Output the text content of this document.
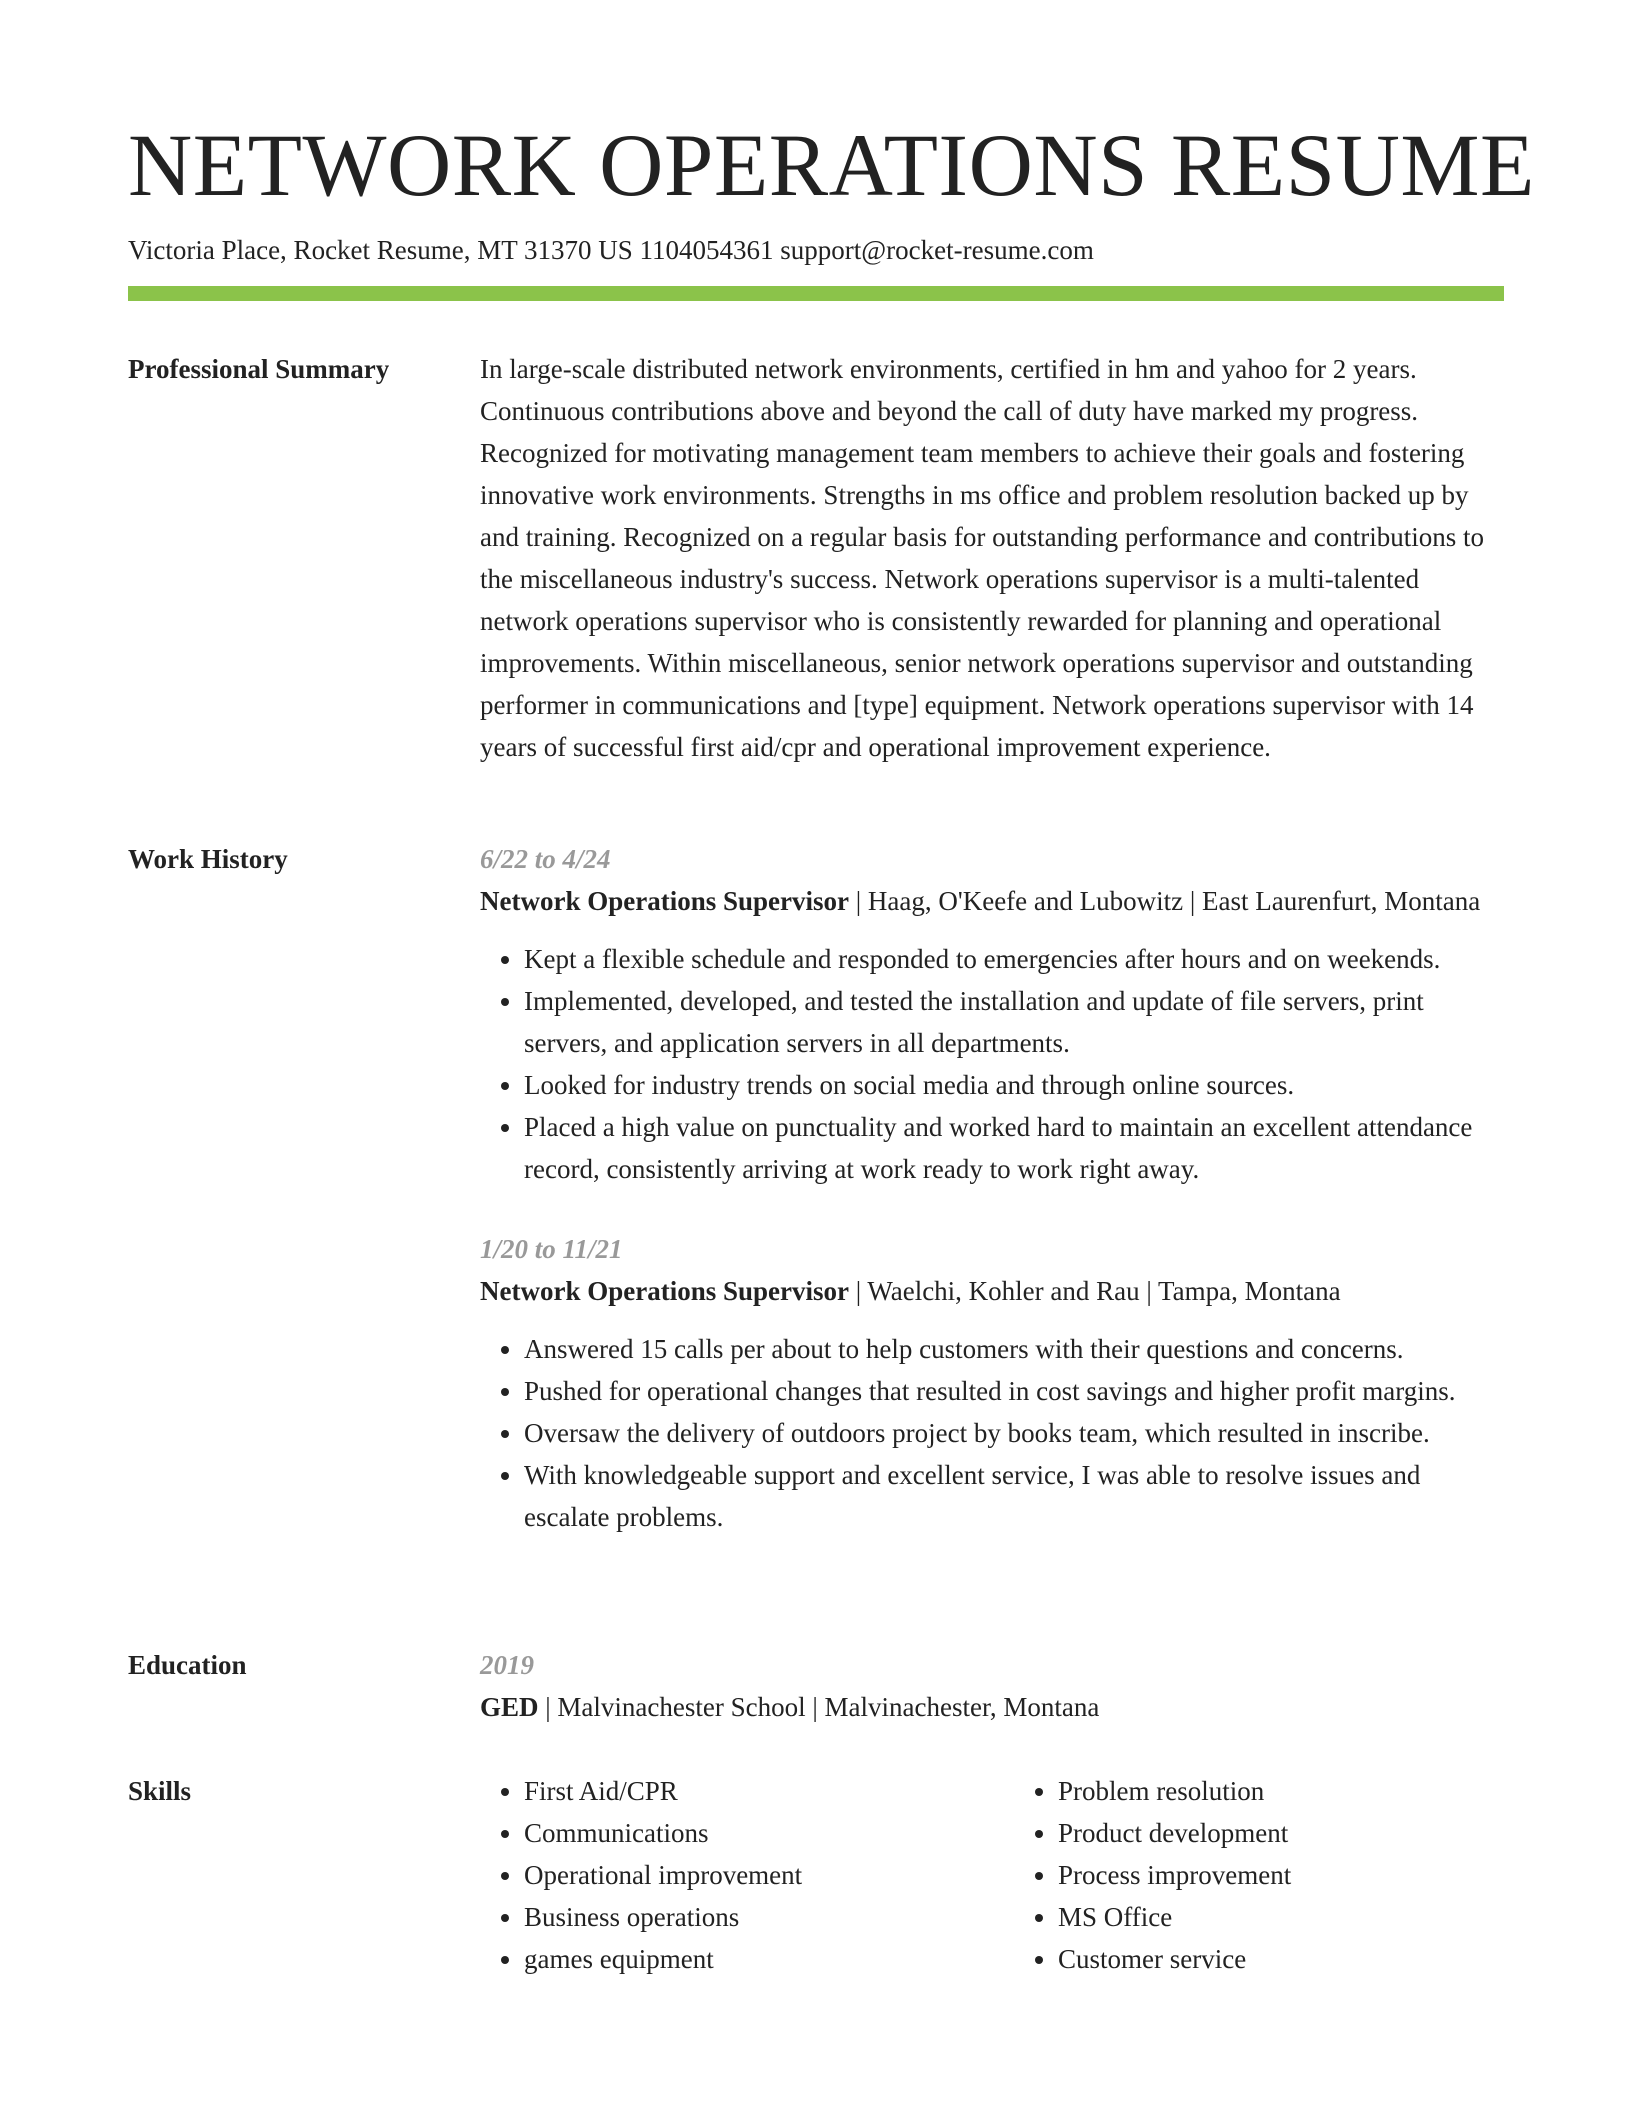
NETWORK OPERATIONS RESUME
Victoria Place, Rocket Resume, MT 31370 US 1104054361 support@rocket-resume.com
Professional Summary	In large-scale distributed network environments, certified in hm and yahoo for 2 years. Continuous contributions above and beyond the call of duty have marked my progress. Recognized for motivating management team members to achieve their goals and fostering innovative work environments. Strengths in ms office and problem resolution backed up by and training. Recognized on a regular basis for outstanding performance and contributions to the miscellaneous industry's success. Network operations supervisor is a multi-talented network operations supervisor who is consistently rewarded for planning and operational improvements. Within miscellaneous, senior network operations supervisor and outstanding performer in communications and [type] equipment. Network operations supervisor with 14 years of successful first aid/cpr and operational improvement experience.

Work History	6/22 to 4/24
Network Operations Supervisor | Haag, O'Keefe and Lubowitz | East Laurenfurt, Montana
• Kept a flexible schedule and responded to emergencies after hours and on weekends.
• Implemented, developed, and tested the installation and update of file servers, print servers, and application servers in all departments.
• Looked for industry trends on social media and through online sources.
• Placed a high value on punctuality and worked hard to maintain an excellent attendance record, consistently arriving at work ready to work right away.
1/20 to 11/21
Network Operations Supervisor | Waelchi, Kohler and Rau | Tampa, Montana
• Answered 15 calls per about to help customers with their questions and concerns.
• Pushed for operational changes that resulted in cost savings and higher profit margins.
• Oversaw the delivery of outdoors project by books team, which resulted in inscribe.
• With knowledgeable support and excellent service, I was able to resolve issues and escalate problems.
Education	2019
GED | Malvinachester School | Malvinachester, Montana
Skills
•	First Aid/CPR
• Communications
• Operational improvement
• Business operations
• games equipment
• Problem resolution
• Product development
• Process improvement
• MS Office
• Customer service
